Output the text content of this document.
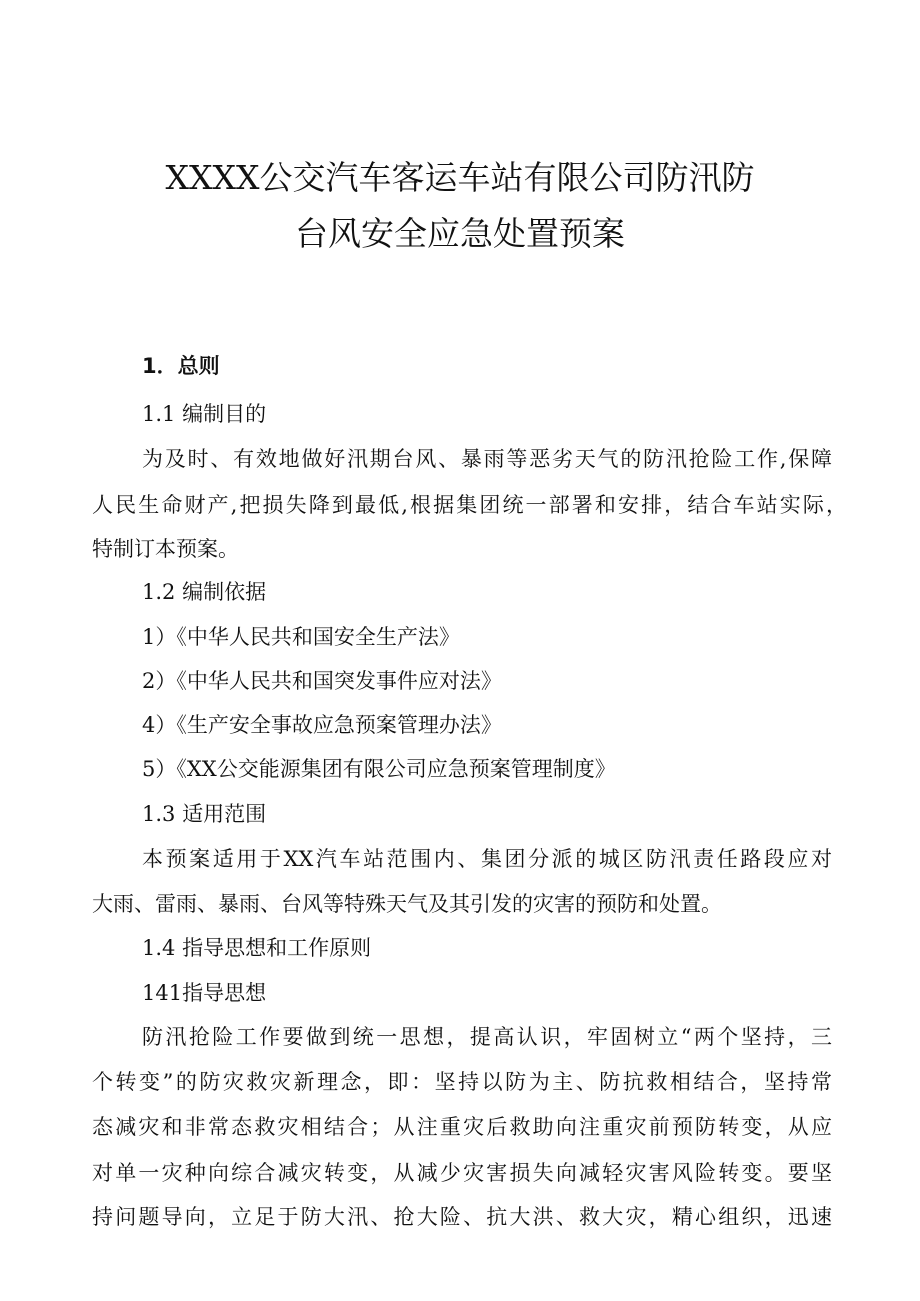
XXXX公交汽车客运车站有限公司防汛防
台风安全应急处置预案
1．总则
1.1 编制目的
为及时、有效地做好汛期台风、暴雨等恶劣天气的防汛抢险工作,保障
人民生命财产,把损失降到最低,根据集团统一部署和安排，结合车站实际，
特制订本预案。
1.2 编制依据
1）《中华人民共和国安全生产法》
2）《中华人民共和国突发事件应对法》
4）《生产安全事故应急预案管理办法》
5）《XX公交能源集团有限公司应急预案管理制度》
1.3 适用范围
本预案适用于XX汽车站范围内、集团分派的城区防汛责任路段应对
大雨、雷雨、暴雨、台风等特殊天气及其引发的灾害的预防和处置。
1.4 指导思想和工作原则
141指导思想
防汛抢险工作要做到统一思想，提高认识，牢固树立“两个坚持，三
个转变”的防灾救灾新理念，即：坚持以防为主、防抗救相结合，坚持常
态减灾和非常态救灾相结合；从注重灾后救助向注重灾前预防转变，从应
对单一灾种向综合减灾转变，从减少灾害损失向减轻灾害风险转变。要坚
持问题导向，立足于防大汛、抢大险、抗大洪、救大灾，精心组织，迅速
